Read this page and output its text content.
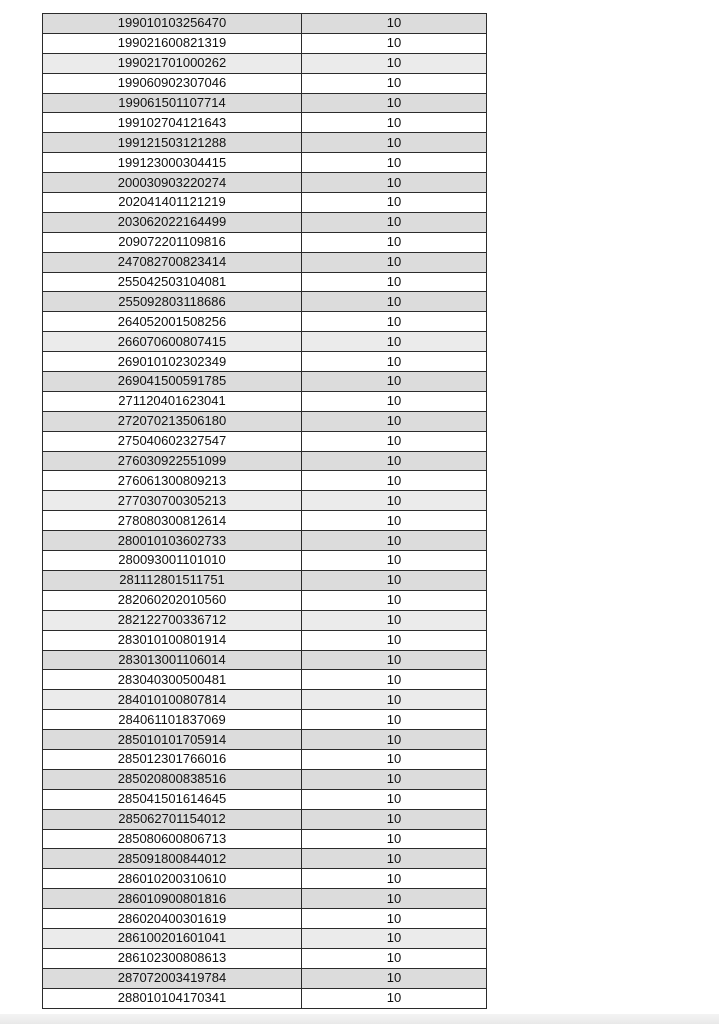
199010103256470	10
199021600821319	10
199021701000262	10
199060902307046	10
199061501107714	10
199102704121643	10
199121503121288	10
199123000304415	10
200030903220274	10
202041401121219	10
203062022164499	10
209072201109816	10
247082700823414	10
255042503104081	10
255092803118686	10
264052001508256	10
266070600807415	10
269010102302349	10
269041500591785	10
271120401623041	10
272070213506180	10
275040602327547	10
276030922551099	10
276061300809213	10
277030700305213	10
278080300812614	10
280010103602733	10
280093001101010	10
281112801511751	10
282060202010560	10
282122700336712	10
283010100801914	10
283013001106014	10
283040300500481	10
284010100807814	10
284061101837069	10
285010101705914	10
285012301766016	10
285020800838516	10
285041501614645	10
285062701154012	10
285080600806713	10
285091800844012	10
286010200310610	10
286010900801816	10
286020400301619	10
286100201601041	10
286102300808613	10
287072003419784	10
288010104170341	10
